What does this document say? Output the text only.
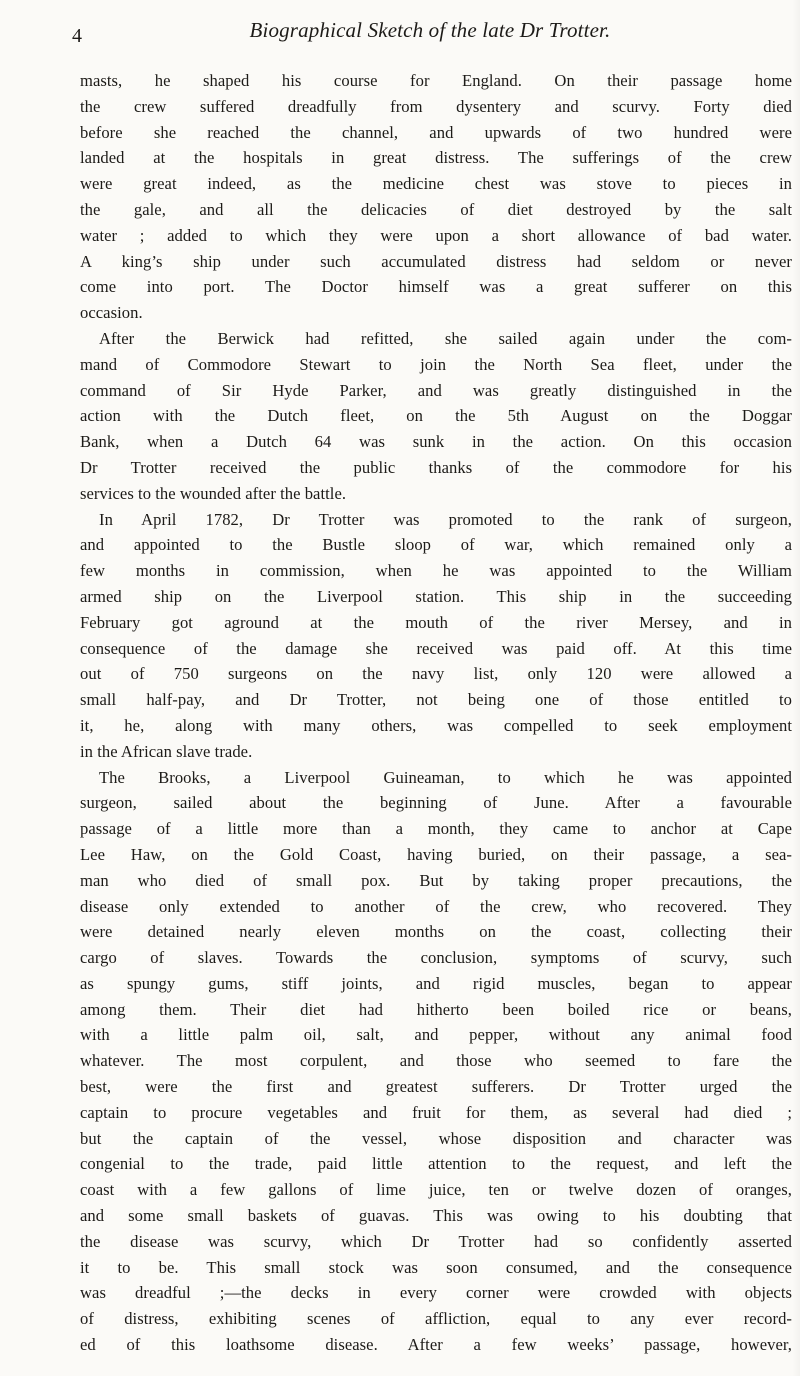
4	Biographical Sketch of the late Dr Trotter.
masts, he shaped his course for England. On their passage home
the crew suffered dreadfully from dysentery and scurvy. Forty died
before she reached the channel, and upwards of two hundred were
landed at the hospitals in great distress. The sufferings of the crew
were great indeed, as the medicine chest was stove to pieces in
the gale, and all the delicacies of diet destroyed by the salt
water ; added to which they were upon a short allowance of bad water.
A king’s ship under such accumulated distress had seldom or never
come into port. The Doctor himself was a great sufferer on this
occasion.
After the Berwick had refitted, she sailed again under the com-
mand of Commodore Stewart to join the North Sea fleet, under the
command of Sir Hyde Parker, and was greatly distinguished in the
action with the Dutch fleet, on the 5th August on the Doggar
Bank, when a Dutch 64 was sunk in the action. On this occasion
Dr Trotter received the public thanks of the commodore for his
services to the wounded after the battle.
In April 1782, Dr Trotter was promoted to the rank of surgeon,
and appointed to the Bustle sloop of war, which remained only a
few months in commission, when he was appointed to the William
armed ship on the Liverpool station. This ship in the succeeding
February got aground at the mouth of the river Mersey, and in
consequence of the damage she received was paid off. At this time
out of 750 surgeons on the navy list, only 120 were allowed a
small half-pay, and Dr Trotter, not being one of those entitled to
it, he, along with many others, was compelled to seek employment
in the African slave trade.
The Brooks, a Liverpool Guineaman, to which he was appointed
surgeon, sailed about the beginning of June. After a favourable
passage of a little more than a month, they came to anchor at Cape
Lee Haw, on the Gold Coast, having buried, on their passage, a sea-
man who died of small pox. But by taking proper precautions, the
disease only extended to another of the crew, who recovered. They
were detained nearly eleven months on the coast, collecting their
cargo of slaves. Towards the conclusion, symptoms of scurvy, such
as spungy gums, stiff joints, and rigid muscles, began to appear
among them. Their diet had hitherto been boiled rice or beans,
with a little palm oil, salt, and pepper, without any animal food
whatever. The most corpulent, and those who seemed to fare the
best, were the first and greatest sufferers. Dr Trotter urged the
captain to procure vegetables and fruit for them, as several had died ;
but the captain of the vessel, whose disposition and character was
congenial to the trade, paid little attention to the request, and left the
coast with a few gallons of lime juice, ten or twelve dozen of oranges,
and some small baskets of guavas. This was owing to his doubting that
the disease was scurvy, which Dr Trotter had so confidently asserted
it to be. This small stock was soon consumed, and the consequence
was dreadful ;—the decks in every corner were crowded with objects
of distress, exhibiting scenes of affliction, equal to any ever record-
ed of this loathsome disease. After a few weeks’ passage, however,
